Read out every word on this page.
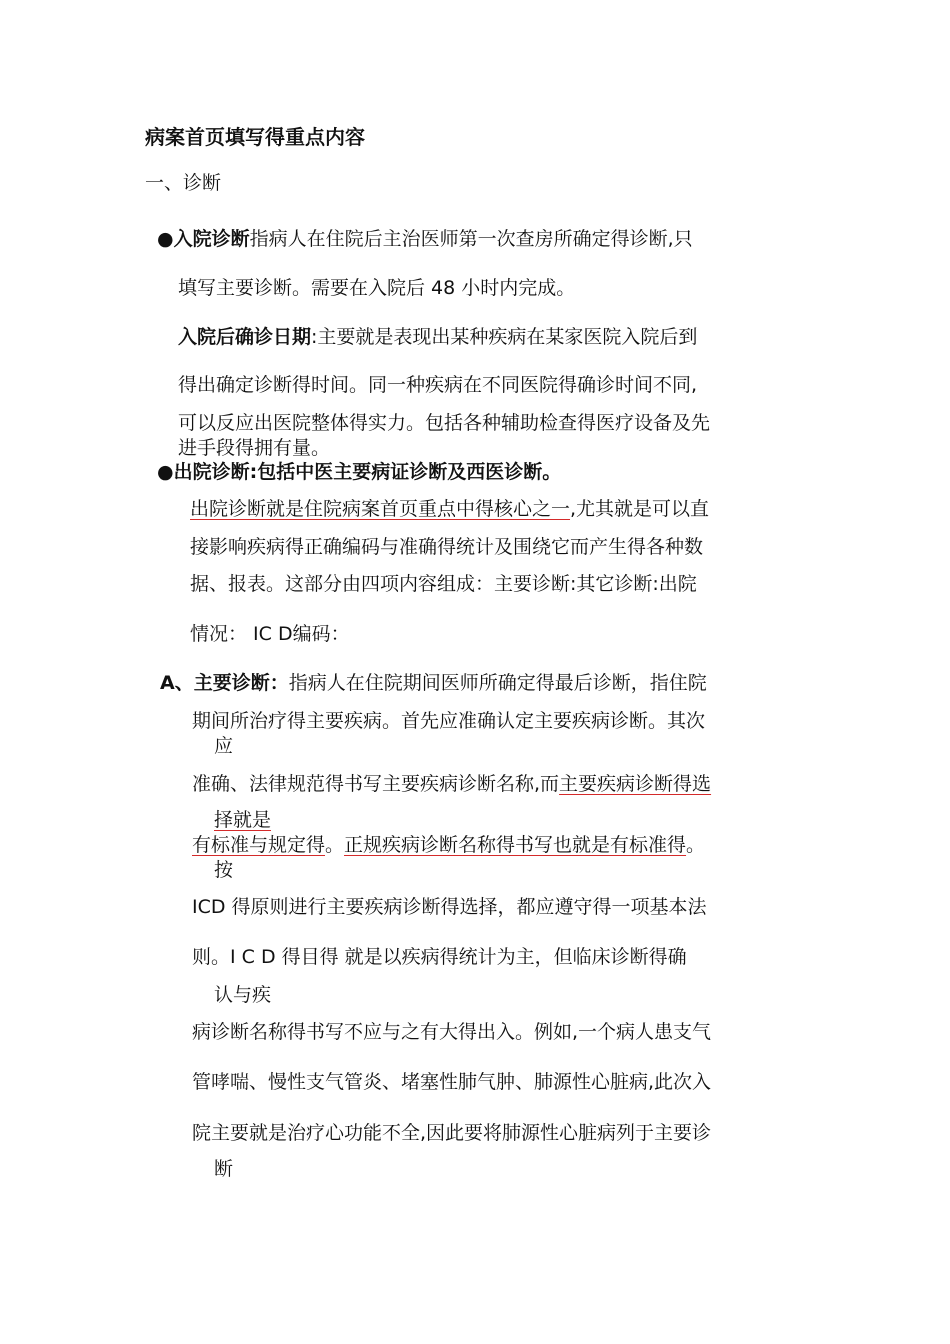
病案首页填写得重点内容
一、诊断
●入院诊断指病人在住院后主治医师第一次查房所确定得诊断,只
填写主要诊断。需要在入院后 48 小时内完成。
入院后确诊日期:主要就是表现出某种疾病在某家医院入院后到
得出确定诊断得时间。同一种疾病在不同医院得确诊时间不同,
可以反应出医院整体得实力。包括各种辅助检查得医疗设备及先
进手段得拥有量。
●出院诊断:包括中医主要病证诊断及西医诊断。
出院诊断就是住院病案首页重点中得核心之一,尤其就是可以直
接影响疾病得正确编码与准确得统计及围绕它而产生得各种数
据、报表。这部分由四项内容组成：主要诊断:其它诊断:出院
情况： IC D编码：
A、主要诊断：指病人在住院期间医师所确定得最后诊断，指住院
期间所治疗得主要疾病。首先应准确认定主要疾病诊断。其次
应
准确、法律规范得书写主要疾病诊断名称,而主要疾病诊断得选
择就是
有标准与规定得。正规疾病诊断名称得书写也就是有标准得。
按
ICD 得原则进行主要疾病诊断得选择，都应遵守得一项基本法
则。I C D 得目得 就是以疾病得统计为主，但临床诊断得确
认与疾
病诊断名称得书写不应与之有大得出入。例如,一个病人患支气
管哮喘、慢性支气管炎、堵塞性肺气肿、肺源性心脏病,此次入
院主要就是治疗心功能不全,因此要将肺源性心脏病列于主要诊
断
